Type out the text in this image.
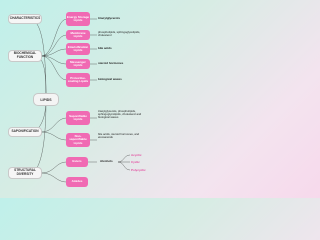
CHARACTERISTICS
BIOCHEMICAL FUNCTION
LIPIDS
SAPONIFICATION
STRUCTURAL DIVERSITY
Energy Storage Lipids
Membrane Lipids
Emulsification Lipids
Messenger Lipids
Protective-coating Lipids
triacylglycerols
phospholipids, sphingoglycolipids, cholesterol
bile acids
steroid hormones
biological waxes
Saponifiable Lipids
Non-saponifiable Lipids
triacylglycerols, phospholipids, sphingoglycolipids, cholesterol and biological waxes
bile acids, steroid hormones, and eicosanoids
Esters
Amides
Alcohols
Acyclic
Cyclic
Polycyclic
